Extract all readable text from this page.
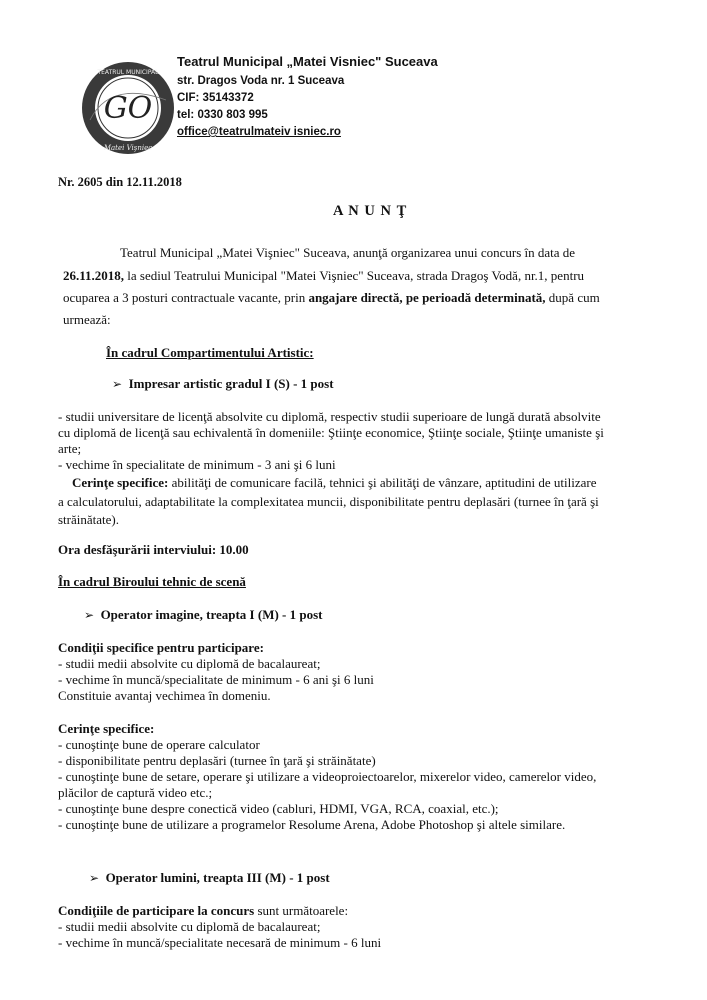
GO
TEATRUL MUNICIPAL
Matei Vişniec
Teatrul Municipal „Matei Visniec" Suceava
str. Dragos Voda nr. 1 Suceava
CIF: 35143372
tel: 0330 803 995
office@teatrulmateiv isniec.ro
Nr. 2605 din 12.11.2018
A N U N Ţ
Teatrul Municipal „Matei Vişniec" Suceava, anunţă organizarea unui concurs în data de
26.11.2018, la sediul Teatrului Municipal "Matei Vişniec" Suceava, strada Dragoş Vodă, nr.1, pentru
ocuparea a 3 posturi contractuale vacante, prin angajare directă, pe perioadă determinată, după cum
urmează:
În cadrul Compartimentului Artistic:
➢ Impresar artistic gradul I (S) - 1 post
- studii universitare de licenţă absolvite cu diplomă, respectiv studii superioare de lungă durată absolvite
cu diplomă de licenţă sau echivalentă în domeniile: Ştiinţe economice, Ştiinţe sociale, Ştiinţe umaniste şi
arte;
- vechime în specialitate de minimum - 3 ani şi 6 luni
Cerinţe specifice: abilităţi de comunicare facilă, tehnici şi abilităţi de vânzare, aptitudini de utilizare
a calculatorului, adaptabilitate la complexitatea muncii, disponibilitate pentru deplasări (turnee în ţară şi
străinătate).
Ora desfăşurării interviului: 10.00
În cadrul Biroului tehnic de scenă
➢ Operator imagine, treapta I (M) - 1 post
Condiţii specifice pentru participare:
- studii medii absolvite cu diplomă de bacalaureat;
- vechime în muncă/specialitate de minimum - 6 ani şi 6 luni
Constituie avantaj vechimea în domeniu.
Cerinţe specifice:
- cunoştinţe bune de operare calculator
- disponibilitate pentru deplasări (turnee în ţară şi străinătate)
- cunoştinţe bune de setare, operare şi utilizare a videoproiectoarelor, mixerelor video, camerelor video,
plăcilor de captură video etc.;
- cunoştinţe bune despre conectică video (cabluri, HDMI, VGA, RCA, coaxial, etc.);
- cunoştinţe bune de utilizare a programelor Resolume Arena, Adobe Photoshop şi altele similare.
➢ Operator lumini, treapta III (M) - 1 post
Condiţiile de participare la concurs sunt următoarele:
- studii medii absolvite cu diplomă de bacalaureat;
- vechime în muncă/specialitate necesară de minimum - 6 luni
